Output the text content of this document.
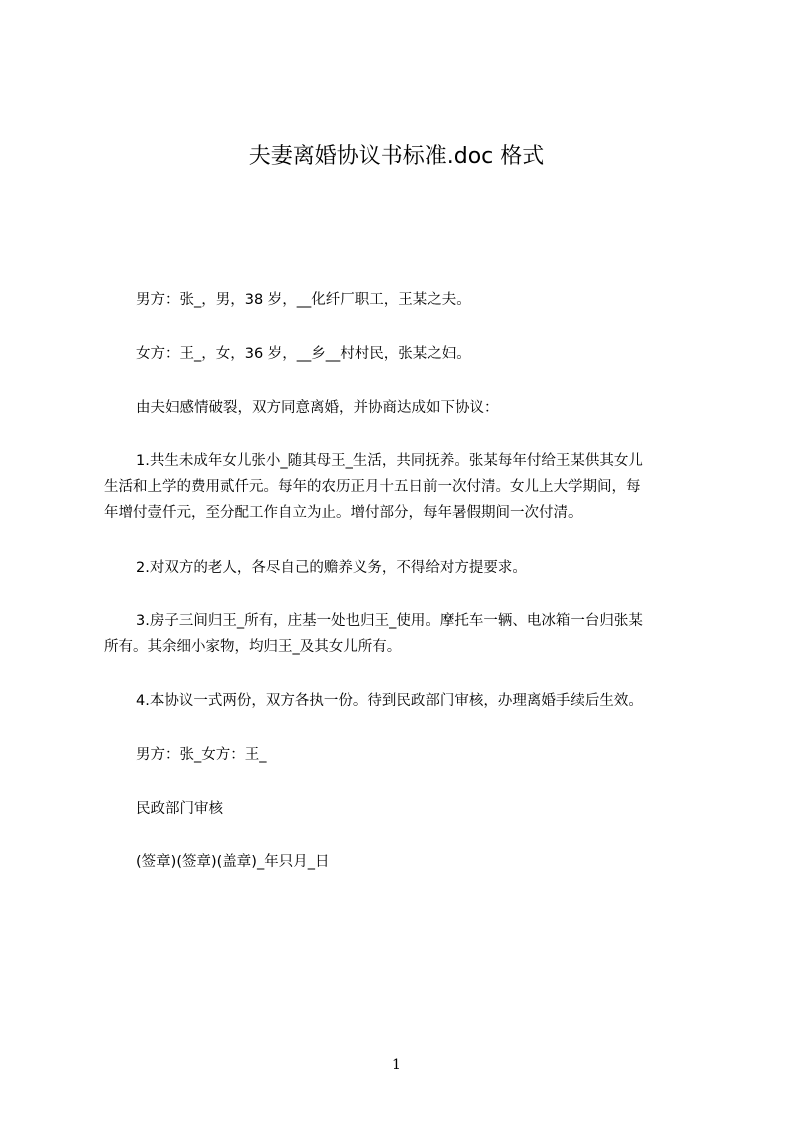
夫妻离婚协议书标准.doc 格式
男方：张_，男，38 岁，__化纤厂职工，王某之夫。
女方：王_，女，36 岁，__乡__村村民，张某之妇。
由夫妇感情破裂，双方同意离婚，并协商达成如下协议：
1.共生未成年女儿张小_随其母王_生活，共同抚养。张某每年付给王某供其女儿
生活和上学的费用贰仟元。每年的农历正月十五日前一次付清。女儿上大学期间，每
年增付壹仟元，至分配工作自立为止。增付部分，每年暑假期间一次付清。
2.对双方的老人，各尽自己的赡养义务，不得给对方提要求。
3.房子三间归王_所有，庄基一处也归王_使用。摩托车一辆、电冰箱一台归张某
所有。其余细小家物，均归王_及其女儿所有。
4.本协议一式两份，双方各执一份。待到民政部门审核，办理离婚手续后生效。
男方：张_女方：王_
民政部门审核
(签章)(签章)(盖章)_年只月_日
1
